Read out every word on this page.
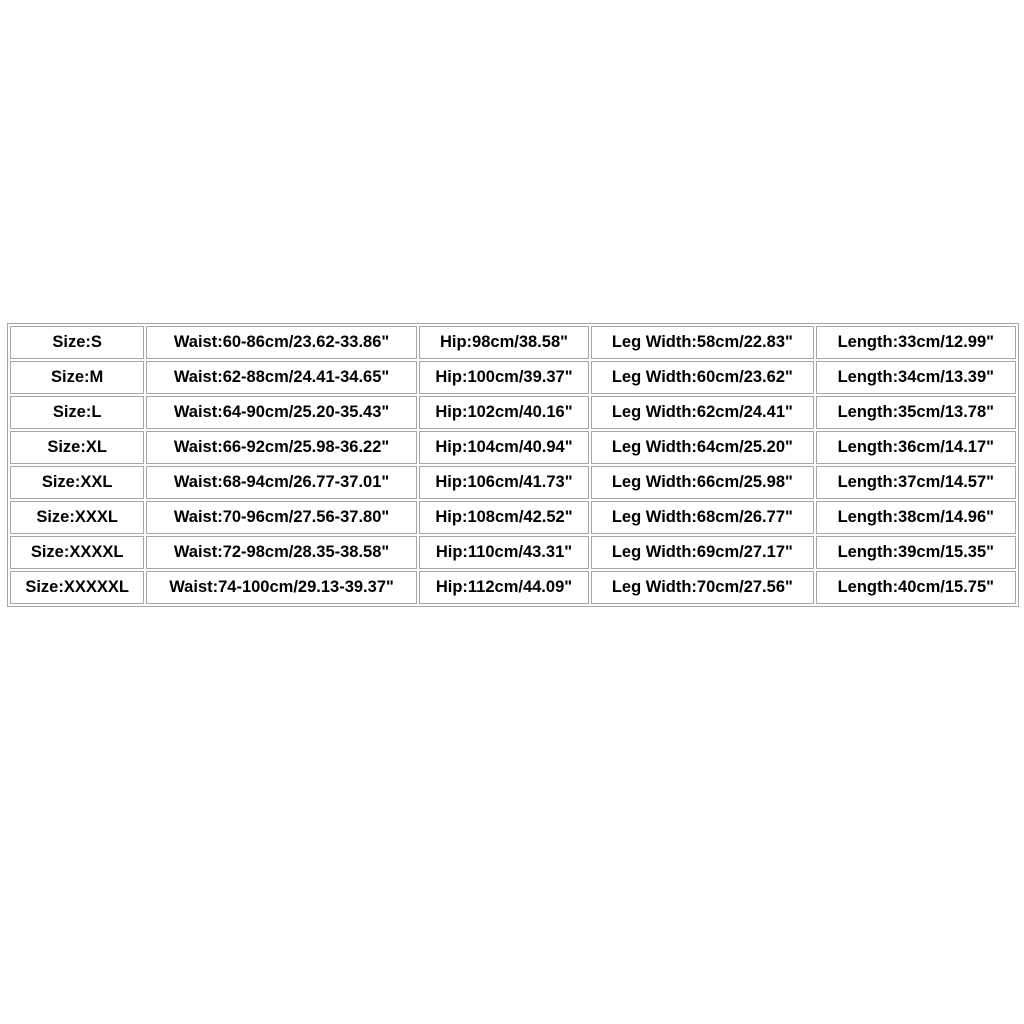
Size:S	Waist:60-86cm/23.62-33.86"	Hip:98cm/38.58"	Leg Width:58cm/22.83"	Length:33cm/12.99"
Size:M	Waist:62-88cm/24.41-34.65"	Hip:100cm/39.37"	Leg Width:60cm/23.62"	Length:34cm/13.39"
Size:L	Waist:64-90cm/25.20-35.43"	Hip:102cm/40.16"	Leg Width:62cm/24.41"	Length:35cm/13.78"
Size:XL	Waist:66-92cm/25.98-36.22"	Hip:104cm/40.94"	Leg Width:64cm/25.20"	Length:36cm/14.17"
Size:XXL	Waist:68-94cm/26.77-37.01"	Hip:106cm/41.73"	Leg Width:66cm/25.98"	Length:37cm/14.57"
Size:XXXL	Waist:70-96cm/27.56-37.80"	Hip:108cm/42.52"	Leg Width:68cm/26.77"	Length:38cm/14.96"
Size:XXXXL	Waist:72-98cm/28.35-38.58"	Hip:110cm/43.31"	Leg Width:69cm/27.17"	Length:39cm/15.35"
Size:XXXXXL	Waist:74-100cm/29.13-39.37"	Hip:112cm/44.09"	Leg Width:70cm/27.56"	Length:40cm/15.75"
